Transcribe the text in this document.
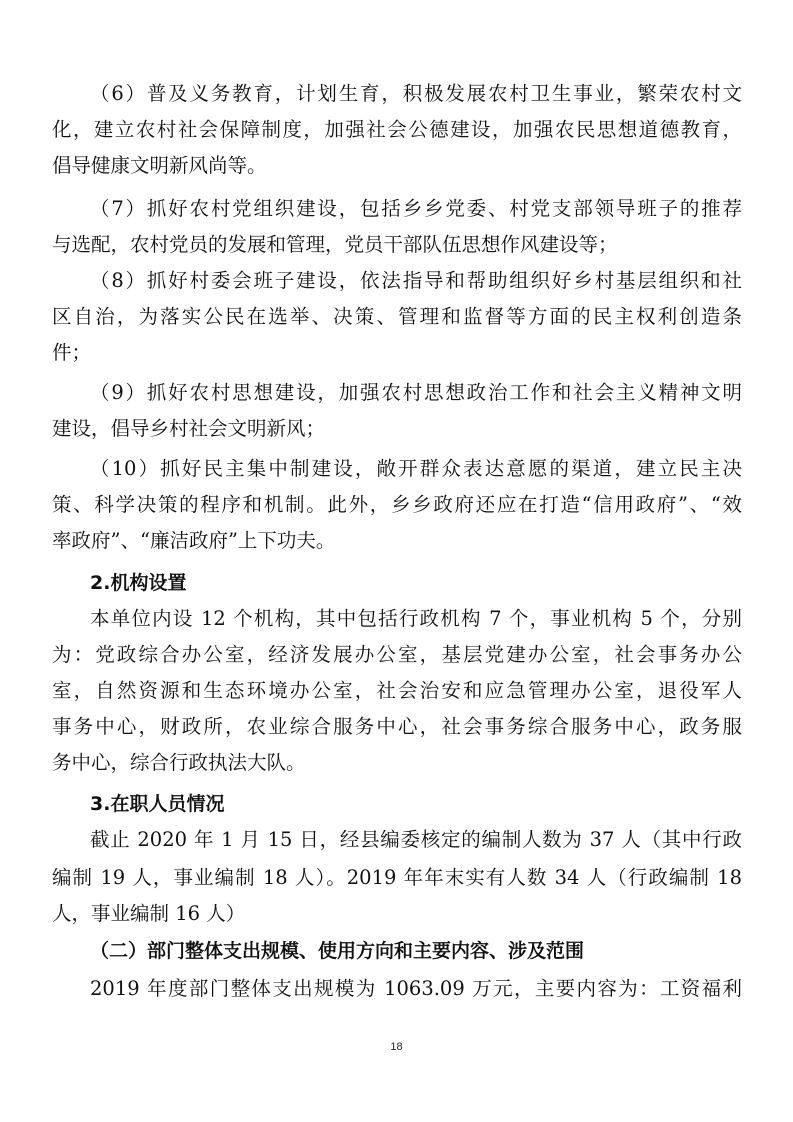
（6）普及义务教育，计划生育，积极发展农村卫生事业，繁荣农村文
化，建立农村社会保障制度，加强社会公德建设，加强农民思想道德教育，
倡导健康文明新风尚等。
（7）抓好农村党组织建设，包括乡乡党委、村党支部领导班子的推荐
与选配，农村党员的发展和管理，党员干部队伍思想作风建设等；
（8）抓好村委会班子建设，依法指导和帮助组织好乡村基层组织和社
区自治，为落实公民在选举、决策、管理和监督等方面的民主权利创造条
件；
（9）抓好农村思想建设，加强农村思想政治工作和社会主义精神文明
建设，倡导乡村社会文明新风；
（10）抓好民主集中制建设，敞开群众表达意愿的渠道，建立民主决
策、科学决策的程序和机制。此外，乡乡政府还应在打造“信用政府”、“效
率政府”、“廉洁政府”上下功夫。
2.机构设置
本单位内设 12 个机构，其中包括行政机构 7 个，事业机构 5 个，分别
为：党政综合办公室，经济发展办公室，基层党建办公室，社会事务办公
室，自然资源和生态环境办公室，社会治安和应急管理办公室，退役军人
事务中心，财政所，农业综合服务中心，社会事务综合服务中心，政务服
务中心，综合行政执法大队。
3.在职人员情况
截止 2020 年 1 月 15 日，经县编委核定的编制人数为 37 人（其中行政
编制 19 人，事业编制 18 人）。2019 年年末实有人数 34 人（行政编制 18
人，事业编制 16 人）
（二）部门整体支出规模、使用方向和主要内容、涉及范围
2019 年度部门整体支出规模为 1063.09 万元，主要内容为：工资福利
18
